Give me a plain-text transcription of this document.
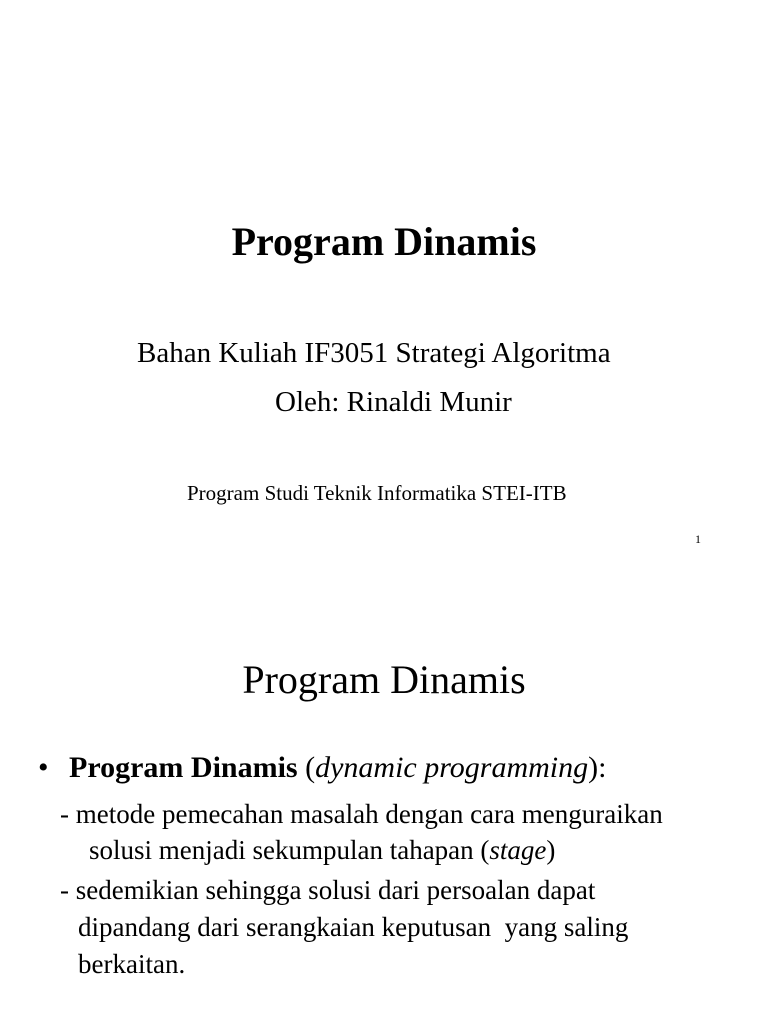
Program Dinamis
Bahan Kuliah IF3051 Strategi Algoritma
Oleh: Rinaldi Munir
Program Studi Teknik Informatika STEI-ITB
1
Program Dinamis
• Program Dinamis (dynamic programming):
- metode pemecahan masalah dengan cara menguraikan
solusi menjadi sekumpulan tahapan (stage)
- sedemikian sehingga solusi dari persoalan dapat
dipandang dari serangkaian keputusan  yang saling
berkaitan.
